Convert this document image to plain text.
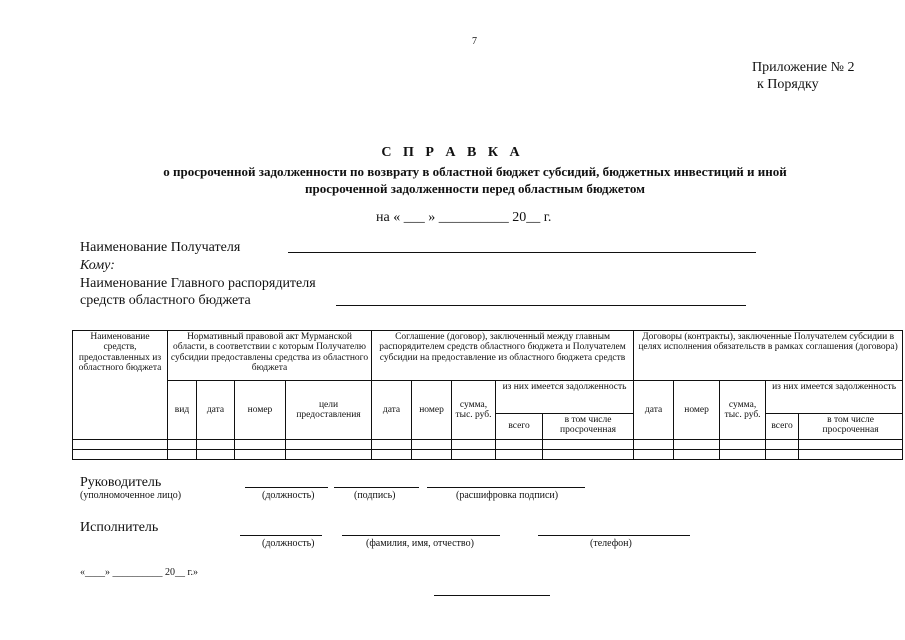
7
Приложение № 2
к Порядку
С П Р А В К А
о просроченной задолженности по возврату в областной бюджет субсидий, бюджетных инвестиций и иной
просроченной задолженности перед областным бюджетом
на « ___ » __________ 20__ г.
Наименование Получателя
Кому:
Наименование Главного распорядителя
средств областного бюджета
Наименование средств, предоставленных из областного бюджета	Нормативный правовой акт Мурманской области, в соответствии с которым Получателю субсидии предоставлены средства из областного бюджета				Соглашение (договор), заключенный между главным распорядителем средств областного бюджета и Получателем субсидии на предоставление из областного бюджета средств					Договоры (контракты), заключенные Получателем субсидии в целях исполнения обязательств в рамках соглашения (договора)				
	вид	дата	номер	цели предоставления	дата	номер	сумма, тыс. руб.	из них имеется задолженность		дата	номер	сумма, тыс. руб.	из них имеется задолженность	
								всего	в том числе просроченная				всего	в том числе просроченная

Руководитель
(уполномоченное лицо)	(должность)	(подпись)	(расшифровка подписи)
Исполнитель
(должность)	(фамилия, имя, отчество)	(телефон)
«____» __________ 20__ г.»
